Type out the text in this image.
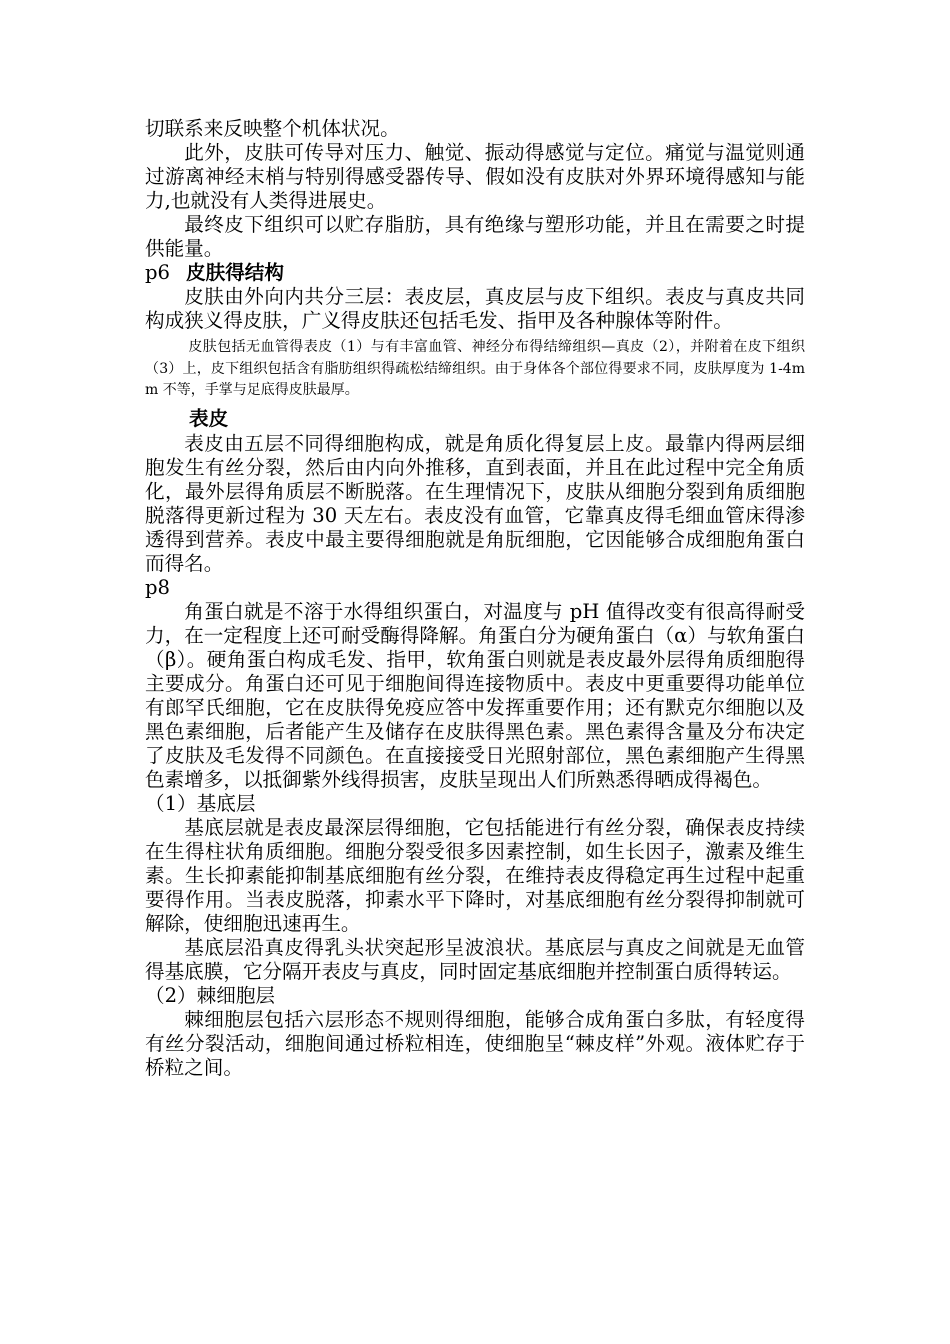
切联系来反映整个机体状况。

此外，皮肤可传导对压力、触觉、振动得感觉与定位。痛觉与温觉则通过游离神经末梢与特别得感受器传导、假如没有皮肤对外界环境得感知与能力,也就没有人类得进展史。

最终皮下组织可以贮存脂肪，具有绝缘与塑形功能，并且在需要之时提供能量。

p6 皮肤得结构

皮肤由外向内共分三层：表皮层，真皮层与皮下组织。表皮与真皮共同构成狭义得皮肤，广义得皮肤还包括毛发、指甲及各种腺体等附件。

皮肤包括无血管得表皮（1）与有丰富血管、神经分布得结缔组织—真皮（2），并附着在皮下组织（3）上，皮下组织包括含有脂肪组织得疏松结缔组织。由于身体各个部位得要求不同，皮肤厚度为 1-4mm 不等，手掌与足底得皮肤最厚。

表皮

表皮由五层不同得细胞构成，就是角质化得复层上皮。最靠内得两层细胞发生有丝分裂，然后由内向外推移，直到表面，并且在此过程中完全角质化，最外层得角质层不断脱落。在生理情况下，皮肤从细胞分裂到角质细胞脱落得更新过程为 30 天左右。表皮没有血管，它靠真皮得毛细血管床得渗透得到营养。表皮中最主要得细胞就是角朊细胞，它因能够合成细胞角蛋白而得名。

p8

角蛋白就是不溶于水得组织蛋白，对温度与 pH 值得改变有很高得耐受力，在一定程度上还可耐受酶得降解。角蛋白分为硬角蛋白（α）与软角蛋白（β）。硬角蛋白构成毛发、指甲，软角蛋白则就是表皮最外层得角质细胞得主要成分。角蛋白还可见于细胞间得连接物质中。表皮中更重要得功能单位有郎罕氏细胞，它在皮肤得免疫应答中发挥重要作用；还有默克尔细胞以及黑色素细胞，后者能产生及储存在皮肤得黑色素。黑色素得含量及分布决定了皮肤及毛发得不同颜色。在直接接受日光照射部位，黑色素细胞产生得黑色素增多，以抵御紫外线得损害，皮肤呈现出人们所熟悉得晒成得褐色。

（1）基底层

基底层就是表皮最深层得细胞，它包括能进行有丝分裂，确保表皮持续在生得柱状角质细胞。细胞分裂受很多因素控制，如生长因子，激素及维生素。生长抑素能抑制基底细胞有丝分裂，在维持表皮得稳定再生过程中起重要得作用。当表皮脱落，抑素水平下降时，对基底细胞有丝分裂得抑制就可解除，使细胞迅速再生。

基底层沿真皮得乳头状突起形呈波浪状。基底层与真皮之间就是无血管得基底膜，它分隔开表皮与真皮，同时固定基底细胞并控制蛋白质得转运。

（2）棘细胞层

棘细胞层包括六层形态不规则得细胞，能够合成角蛋白多肽，有轻度得有丝分裂活动，细胞间通过桥粒相连，使细胞呈“棘皮样”外观。液体贮存于桥粒之间。
